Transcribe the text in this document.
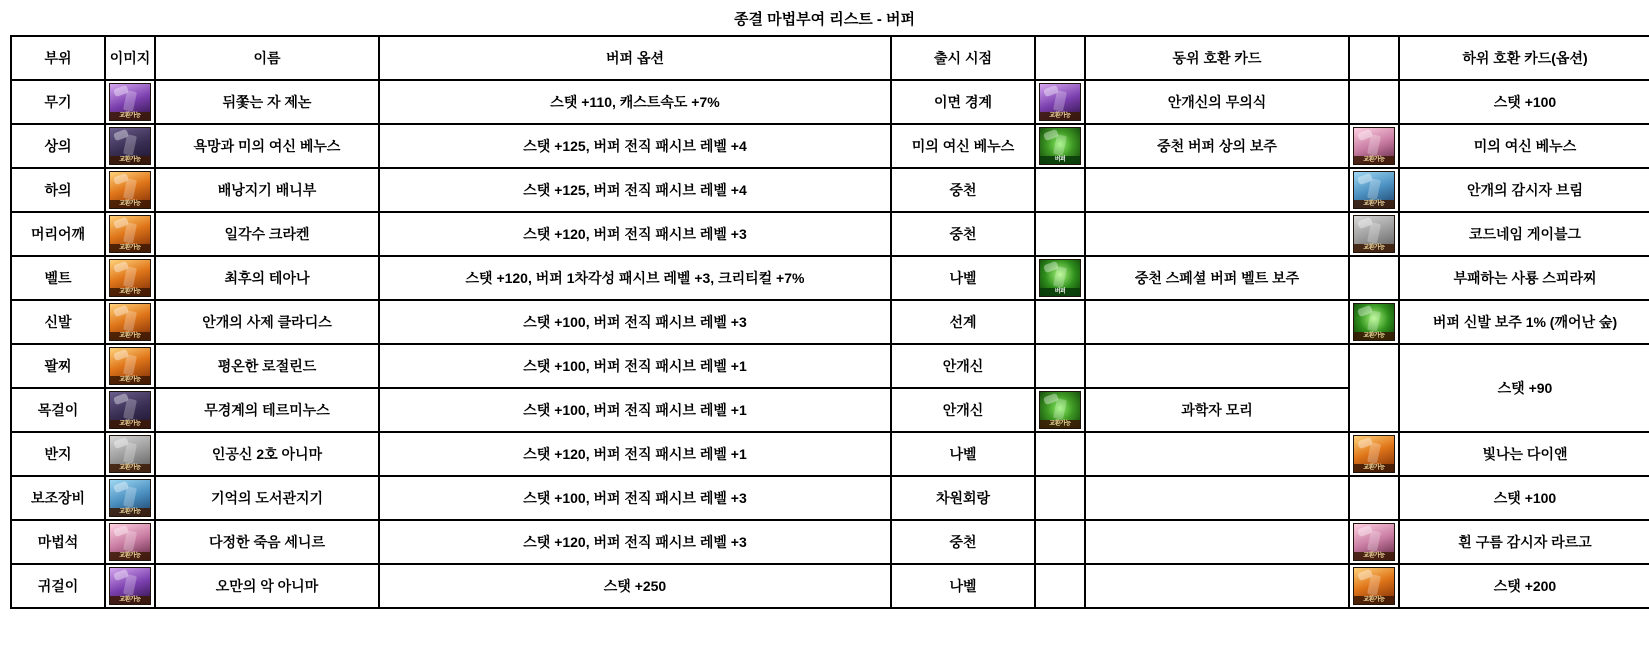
종결 마법부여 리스트 - 버퍼
부위	이미지	이름	버퍼 옵션	출시 시점		동위 호환 카드		하위 호환 카드(옵션)
무기	교환가능	뒤쫓는 자 제논	스탯 +110, 캐스트속도 +7%	이면 경계	교환가능	안개신의 무의식		스탯 +100
상의	교환가능	욕망과 미의 여신 베누스	스탯 +125, 버퍼 전직 패시브 레벨 +4	미의 여신 베누스	버퍼	중천 버퍼 상의 보주	교환가능	미의 여신 베누스
하의	교환가능	배낭지기 배니부	스탯 +125, 버퍼 전직 패시브 레벨 +4	중천			교환가능	안개의 감시자 브림
머리어깨	교환가능	일각수 크라켄	스탯 +120, 버퍼 전직 패시브 레벨 +3	중천			교환가능	코드네임 게이블그
벨트	교환가능	최후의 테아나	스탯 +120, 버퍼 1차각성 패시브 레벨 +3, 크리티컬 +7%	나벨	버퍼	중천 스페셜 버퍼 벨트 보주		부패하는 사룡 스피라찌
신발	교환가능	안개의 사제 클라디스	스탯 +100, 버퍼 전직 패시브 레벨 +3	선계			교환가능	버퍼 신발 보주 1% (깨어난 숲)
팔찌	교환가능	평온한 로절린드	스탯 +100, 버퍼 전직 패시브 레벨 +1	안개신				스탯 +90
목걸이	교환가능	무경계의 테르미누스	스탯 +100, 버퍼 전직 패시브 레벨 +1	안개신	교환가능	과학자 모리		
반지	교환가능	인공신 2호 아니마	스탯 +120, 버퍼 전직 패시브 레벨 +1	나벨			교환가능	빛나는 다이앤
보조장비	교환가능	기억의 도서관지기	스탯 +100, 버퍼 전직 패시브 레벨 +3	차원회랑				스탯 +100
마법석	교환가능	다정한 죽음 세니르	스탯 +120, 버퍼 전직 패시브 레벨 +3	중천			교환가능	흰 구름 감시자 라르고
귀걸이	교환가능	오만의 악 아니마	스탯 +250	나벨			교환가능	스탯 +200
